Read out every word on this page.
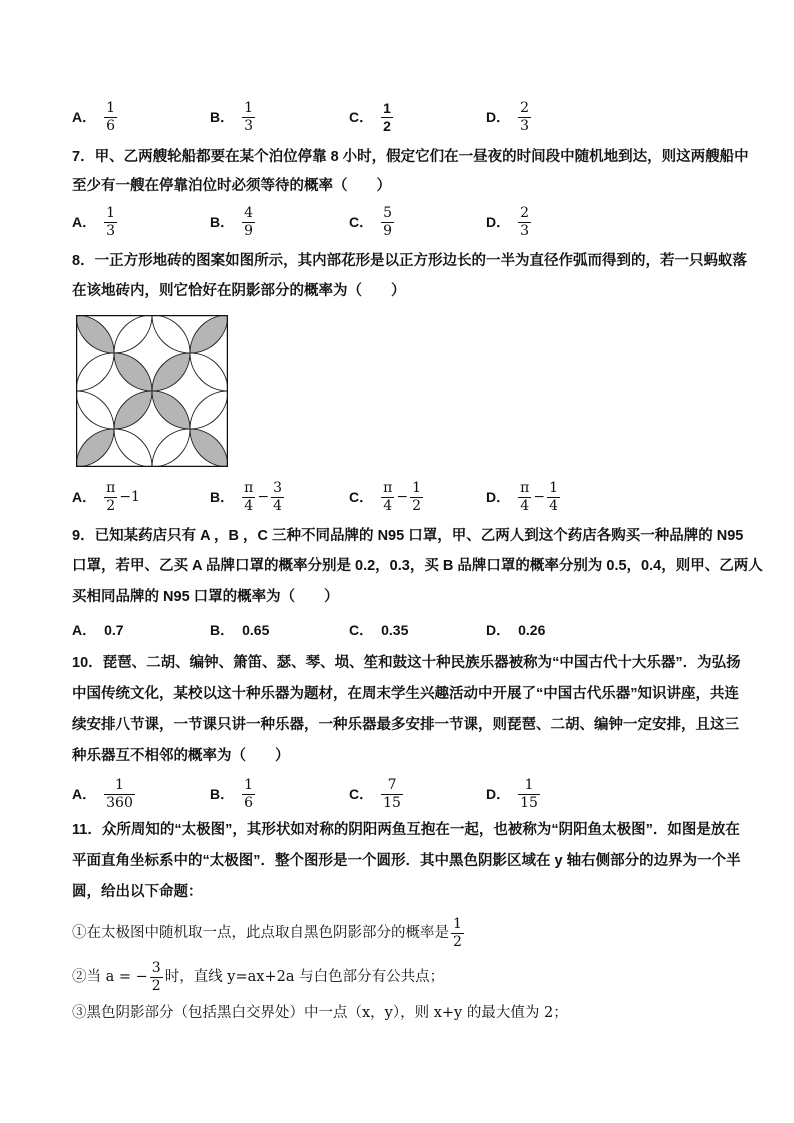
A． $\frac{1}{6}$	B． $\frac{1}{3}$	C． $\frac{1}{2}$	D． $\frac{2}{3}$
7．甲、乙两艘轮船都要在某个泊位停靠 8 小时，假定它们在一昼夜的时间段中随机地到达，则这两艘船中
至少有一艘在停靠泊位时必须等待的概率（　　）
A． $\frac{1}{3}$	B． $\frac{4}{9}$	C． $\frac{5}{9}$	D． $\frac{2}{3}$
8．一正方形地砖的图案如图所示，其内部花形是以正方形边长的一半为直径作弧而得到的，若一只蚂蚁落
在该地砖内，则它恰好在阴影部分的概率为（　　）
A． $\frac{\pi}{2} -1$	B． $\frac{\pi}{4} - \frac{3}{4}$	C． $\frac{\pi}{4} - \frac{1}{2}$	D． $\frac{\pi}{4} - \frac{1}{4}$
9．已知某药店只有 A ，B ，C 三种不同品牌的 N95 口罩，甲、乙两人到这个药店各购买一种品牌的 N95
口罩，若甲、乙买 A 品牌口罩的概率分别是 0.2，0.3，买 B 品牌口罩的概率分别为 0.5，0.4，则甲、乙两人
买相同品牌的 N95 口罩的概率为（　　）
A． 0.7	B． 0.65	C． 0.35	D． 0.26
10．琵琶、二胡、编钟、箫笛、瑟、琴、埙、笙和鼓这十种民族乐器被称为“中国古代十大乐器”．为弘扬
中国传统文化，某校以这十种乐器为题材，在周末学生兴趣活动中开展了“中国古代乐器”知识讲座，共连
续安排八节课，一节课只讲一种乐器，一种乐器最多安排一节课，则琵琶、二胡、编钟一定安排，且这三
种乐器互不相邻的概率为（　　）
A． $\frac{1}{360}$	B． $\frac{1}{6}$	C． $\frac{7}{15}$	D． $\frac{1}{15}$
11．众所周知的“太极图”，其形状如对称的阴阳两鱼互抱在一起，也被称为“阴阳鱼太极图”．如图是放在
平面直角坐标系中的“太极图”．整个图形是一个圆形．其中黑色阴影区域在 y 轴右侧部分的边界为一个半
圆，给出以下命题：
①在太极图中随机取一点，此点取自黑色阴影部分的概率是 $\frac{1}{2}$
②当 a = − $\frac{3}{2}$ 时，直线 y=ax+2a 与白色部分有公共点；
③黑色阴影部分（包括黑白交界处）中一点（x，y），则 x+y 的最大值为 2；
